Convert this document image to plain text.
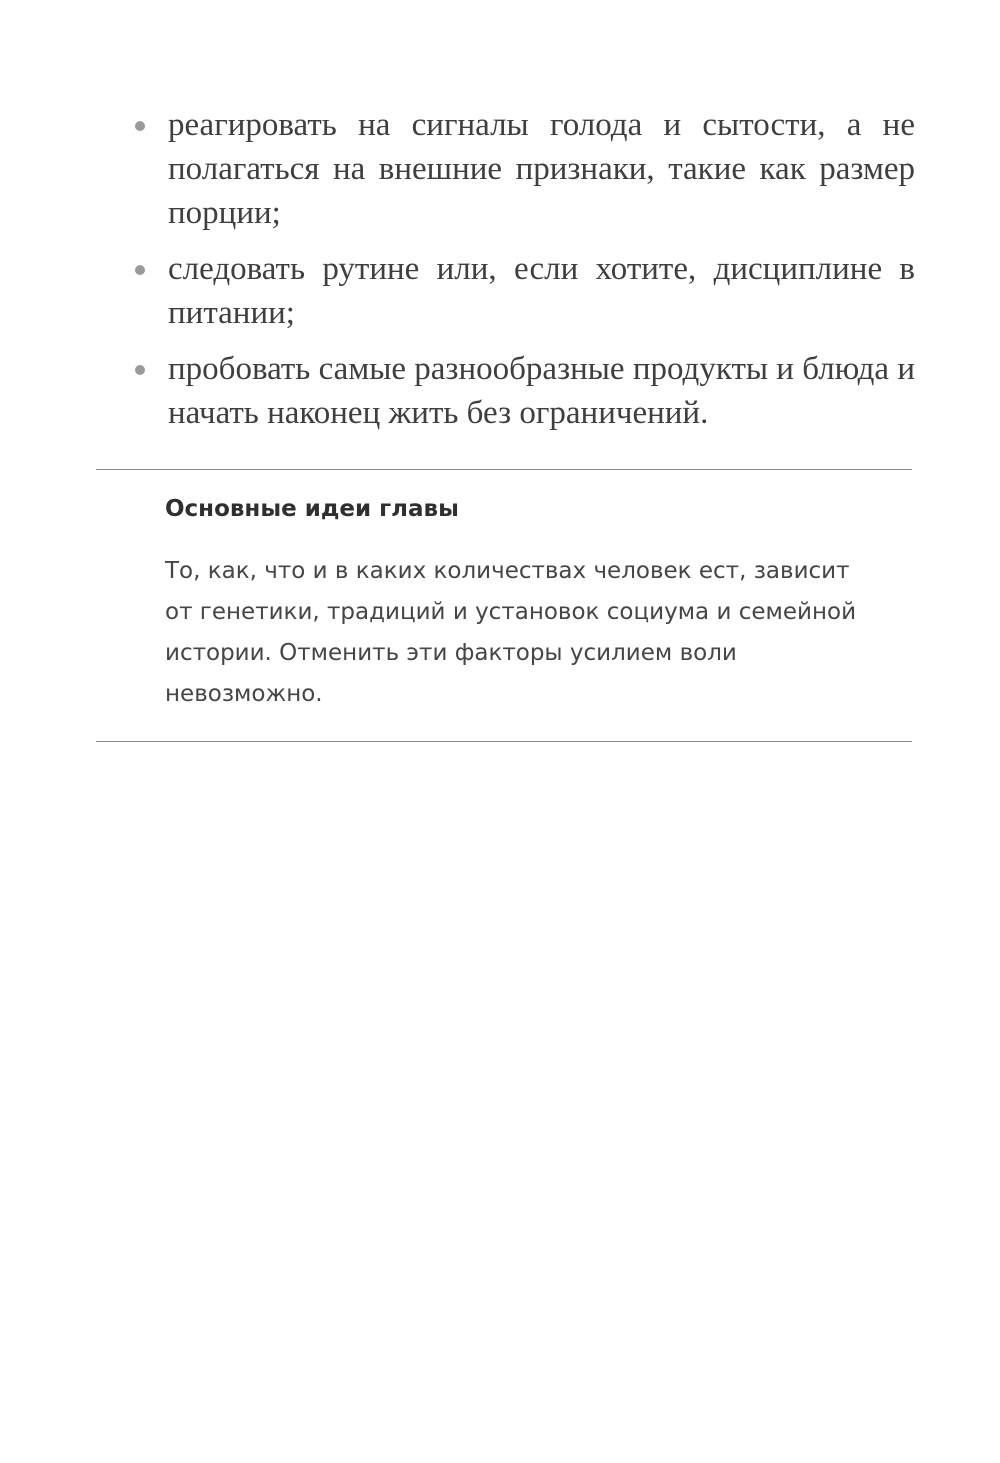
реагировать на сигналы голода и сытости, а не полагаться на внешние признаки, такие как размер порции;
следовать рутине или, если хотите, дисциплине в питании;
пробовать самые разнообразные продукты и блюда и начать наконец жить без ограничений.
Основные идеи главы

То, как, что и в каких количествах человек ест, зависит
от генетики, традиций и установок социума и семейной
истории. Отменить эти факторы усилием воли
невозможно.
